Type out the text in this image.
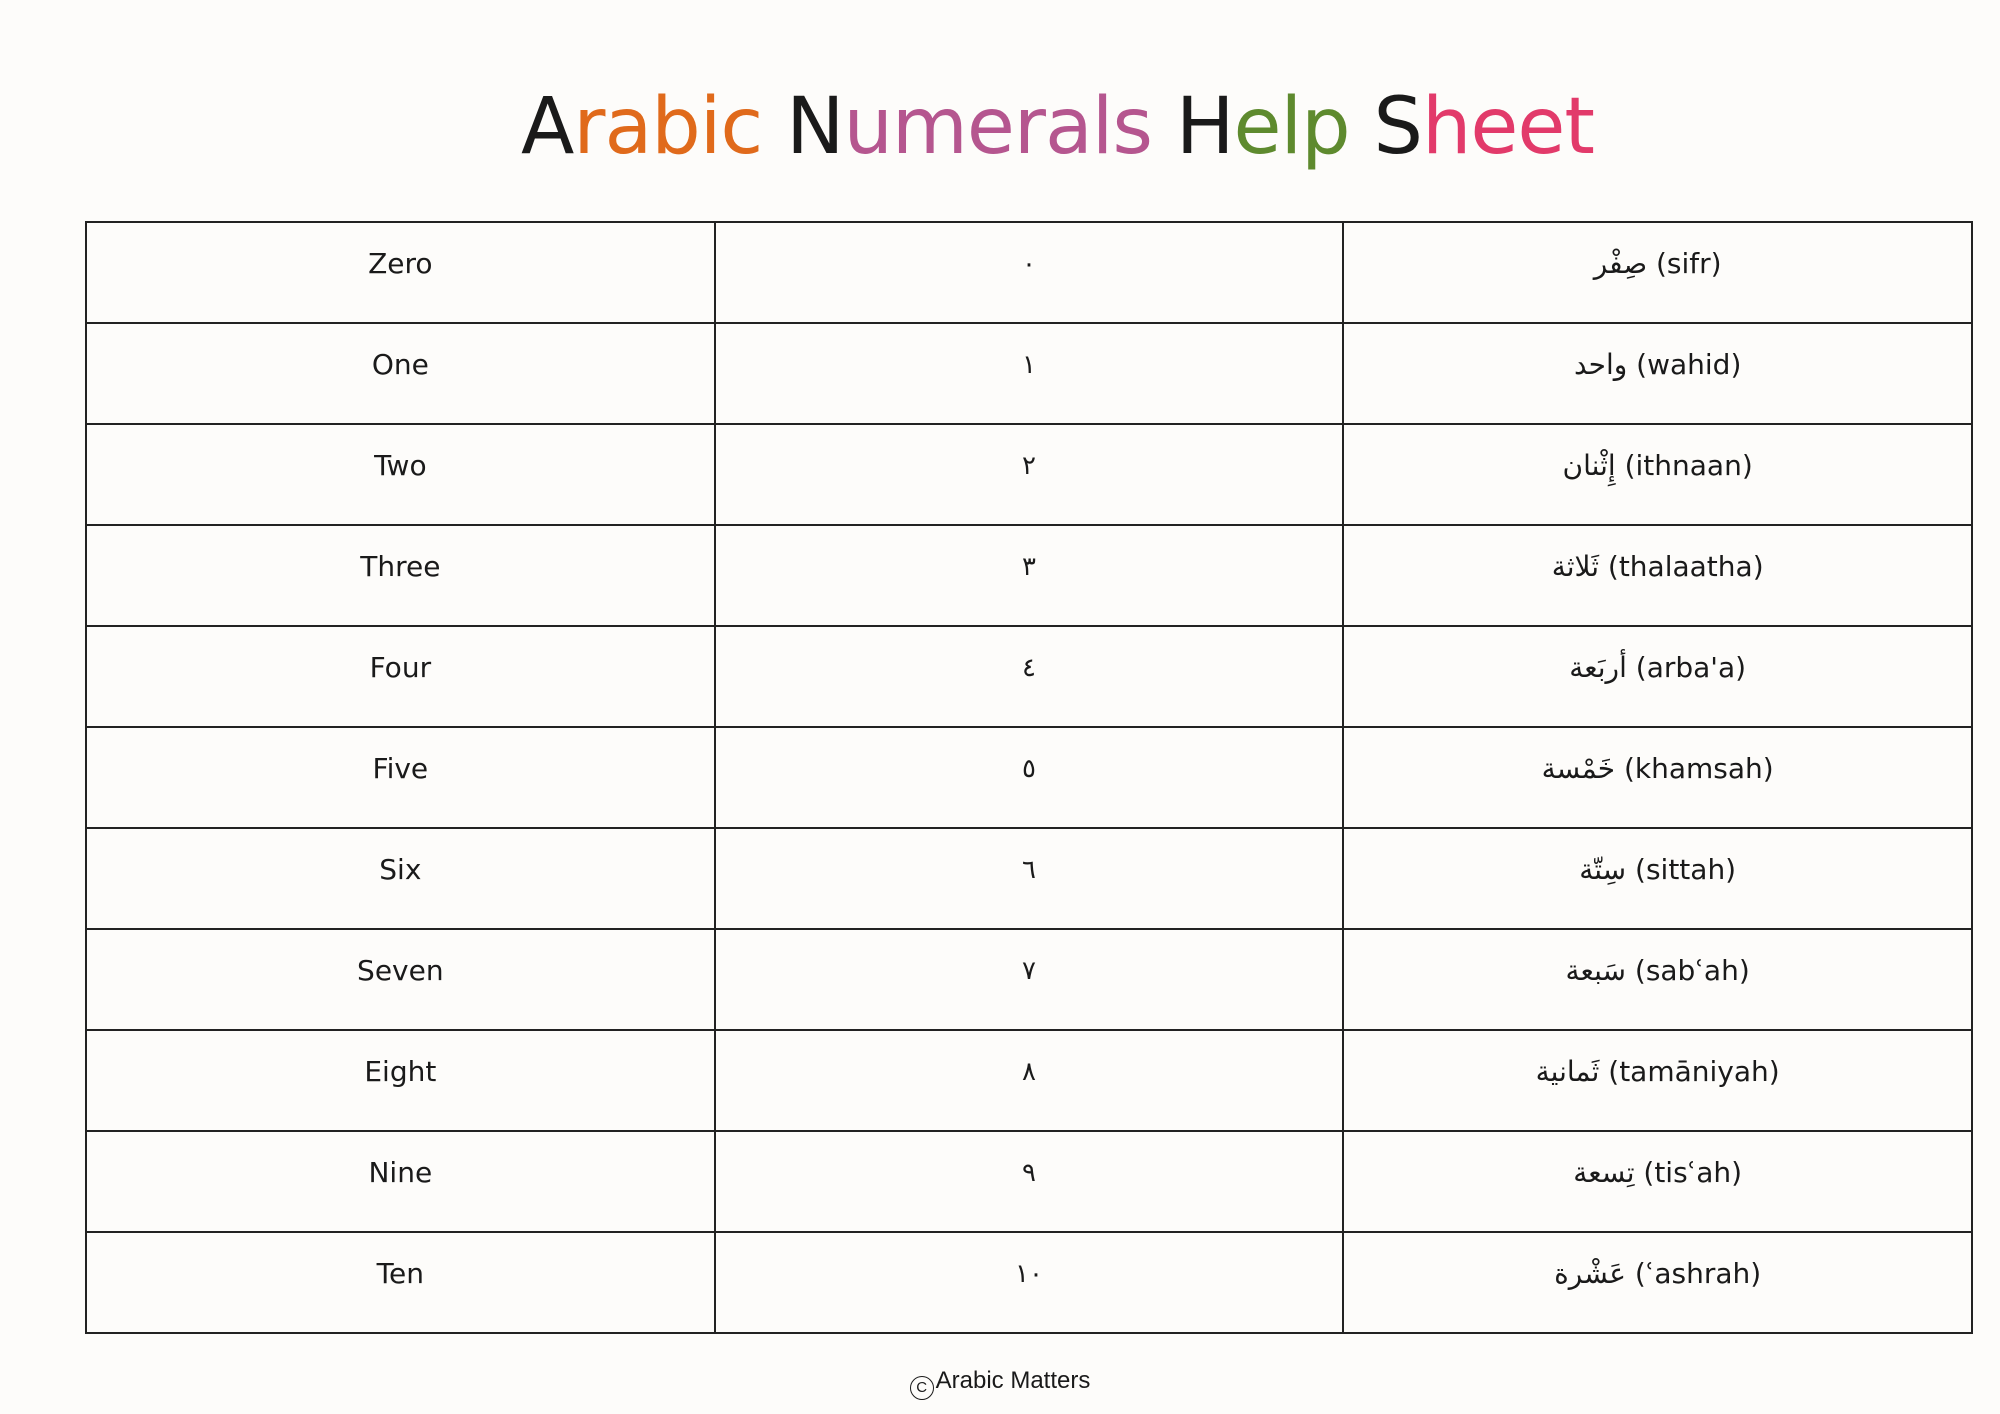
Arabic Numerals Help Sheet
Zero	٠	صِفْر (sifr)

One	١	واحد (wahid)

Two	٢	إِثْنان (ithnaan)

Three	٣	ثَلاثة (thalaatha)

Four	٤	أربَعة (arba'a)

Five	٥	خَمْسة (khamsah)

Six	٦	سِتّة (sittah)

Seven	٧	سَبعة (sabʿah)

Eight	٨	ثَمانية (tamāniyah)

Nine	٩	تِسعة (tisʿah)

Ten	١٠	عَشْرة (ʿashrah)
C Arabic Matters
